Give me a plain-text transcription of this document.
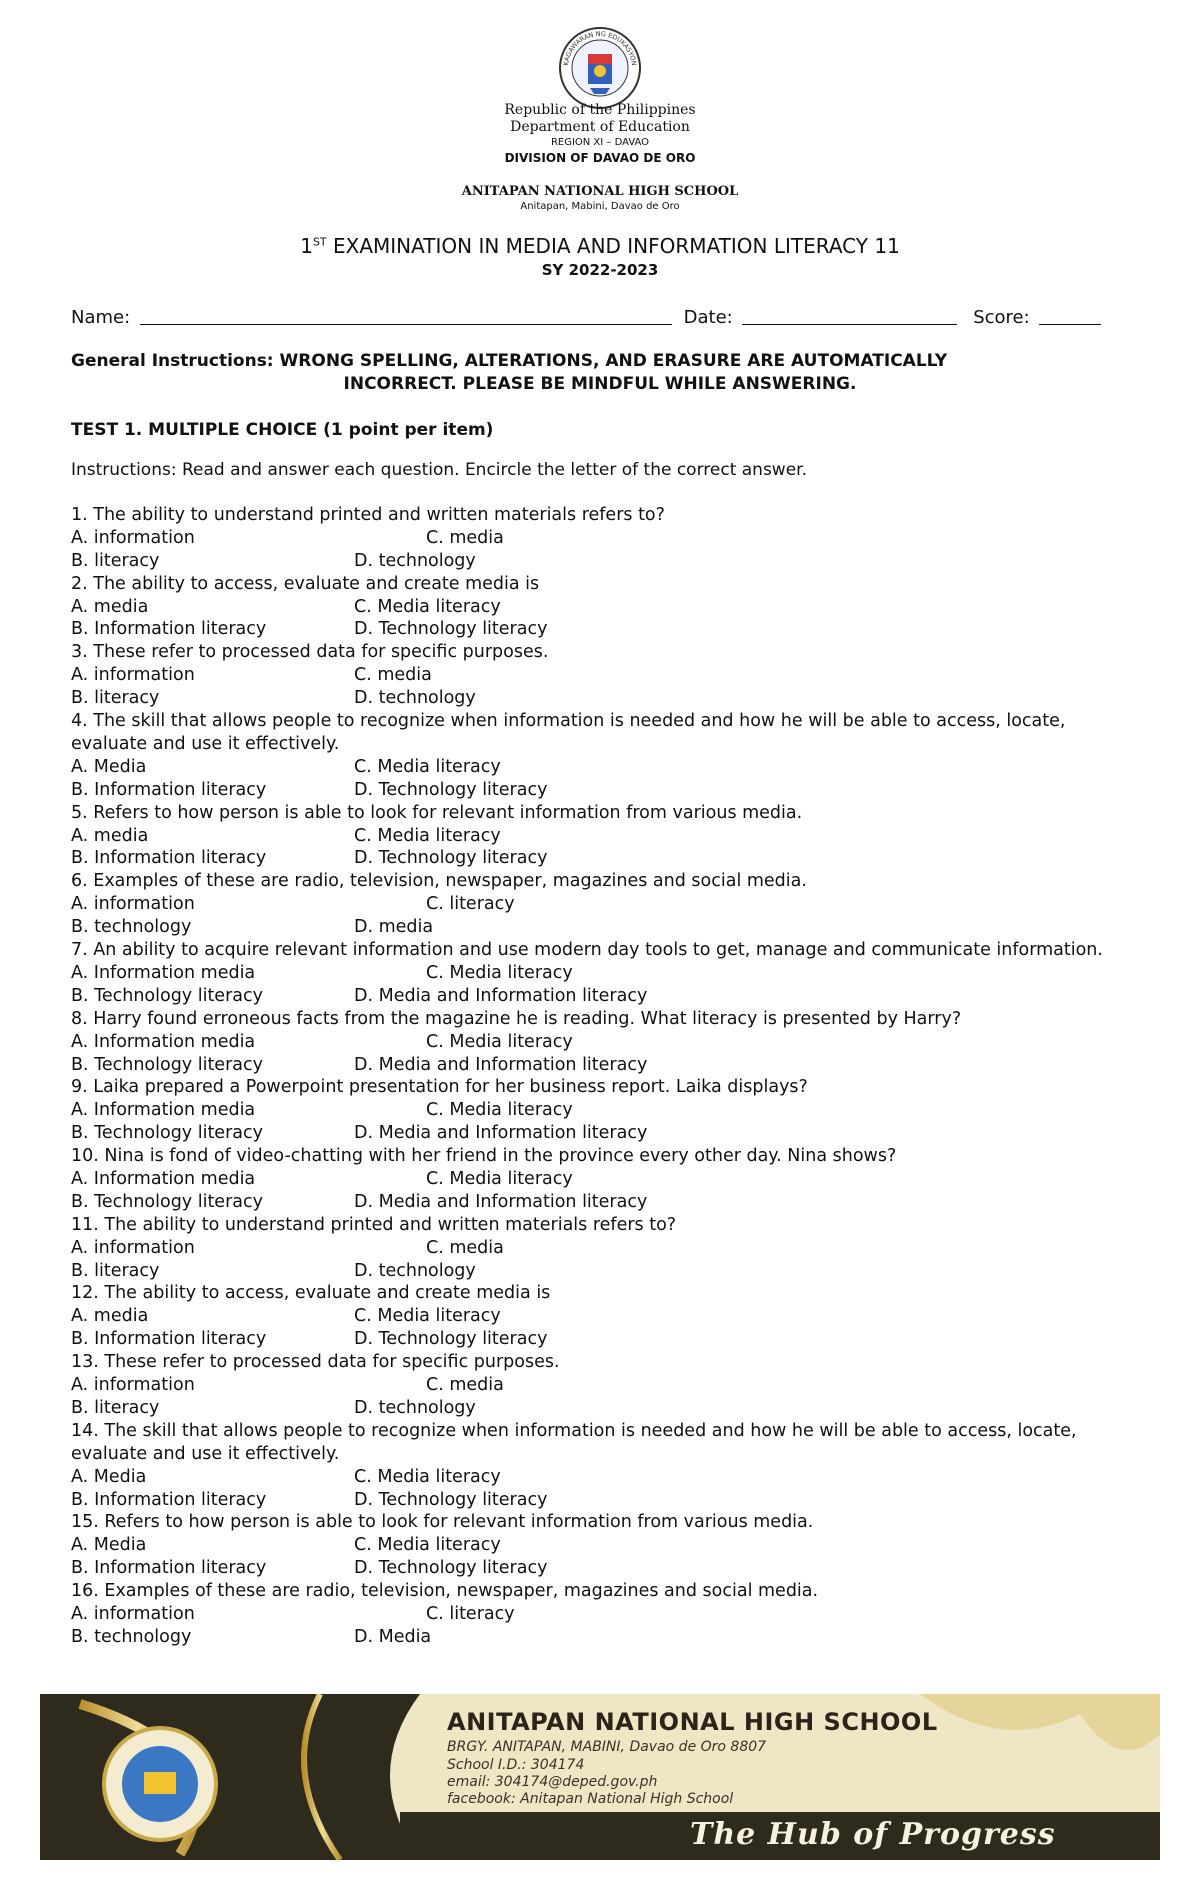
KAGAWARAN NG EDUKASYON
Republic of the Philippines
Department of Education
REGION XI – DAVAO
DIVISION OF DAVAO DE ORO
ANITAPAN NATIONAL HIGH SCHOOL
Anitapan, Mabini, Davao de Oro
1ST EXAMINATION IN MEDIA AND INFORMATION LITERACY 11
SY 2022-2023
Name:	Date:	Score:
General Instructions: WRONG SPELLING, ALTERATIONS, AND ERASURE ARE AUTOMATICALLY
INCORRECT. PLEASE BE MINDFUL WHILE ANSWERING.
TEST 1. MULTIPLE CHOICE (1 point per item)
Instructions: Read and answer each question. Encircle the letter of the correct answer.
1. The ability to understand printed and written materials refers to?
A. information	C. media
B. literacy	D. technology
2. The ability to access, evaluate and create media is
A. media	C. Media literacy
B. Information literacy	D. Technology literacy
3. These refer to processed data for specific purposes.
A. information	C. media
B. literacy	D. technology
4. The skill that allows people to recognize when information is needed and how he will be able to access, locate, evaluate and use it effectively.
A. Media	C. Media literacy
B. Information literacy	D. Technology literacy
5. Refers to how person is able to look for relevant information from various media.
A. media	C. Media literacy
B. Information literacy	D. Technology literacy
6. Examples of these are radio, television, newspaper, magazines and social media.
A. information	C. literacy
B. technology	D. media
7. An ability to acquire relevant information and use modern day tools to get, manage and communicate information.
A. Information media	C. Media literacy
B. Technology literacy	D. Media and Information literacy
8. Harry found erroneous facts from the magazine he is reading. What literacy is presented by Harry?
A. Information media	C. Media literacy
B. Technology literacy	D. Media and Information literacy
9. Laika prepared a Powerpoint presentation for her business report. Laika displays?
A. Information media	C. Media literacy
B. Technology literacy	D. Media and Information literacy
10. Nina is fond of video-chatting with her friend in the province every other day. Nina shows?
A. Information media	C. Media literacy
B. Technology literacy	D. Media and Information literacy
11. The ability to understand printed and written materials refers to?
A. information	C. media
B. literacy	D. technology
12. The ability to access, evaluate and create media is
A. media	C. Media literacy
B. Information literacy	D. Technology literacy
13. These refer to processed data for specific purposes.
A. information	C. media
B. literacy	D. technology
14. The skill that allows people to recognize when information is needed and how he will be able to access, locate, evaluate and use it effectively.
A. Media	C. Media literacy
B. Information literacy	D. Technology literacy
15. Refers to how person is able to look for relevant information from various media.
A. Media	C. Media literacy
B. Information literacy	D. Technology literacy
16. Examples of these are radio, television, newspaper, magazines and social media.
A. information	C. literacy
B. technology	D. Media
ANITAPAN NATIONAL HIGH SCHOOL
BRGY. ANITAPAN, MABINI, Davao de Oro 8807
School I.D.: 304174
email: 304174@deped.gov.ph
facebook: Anitapan National High School
The Hub of Progress
